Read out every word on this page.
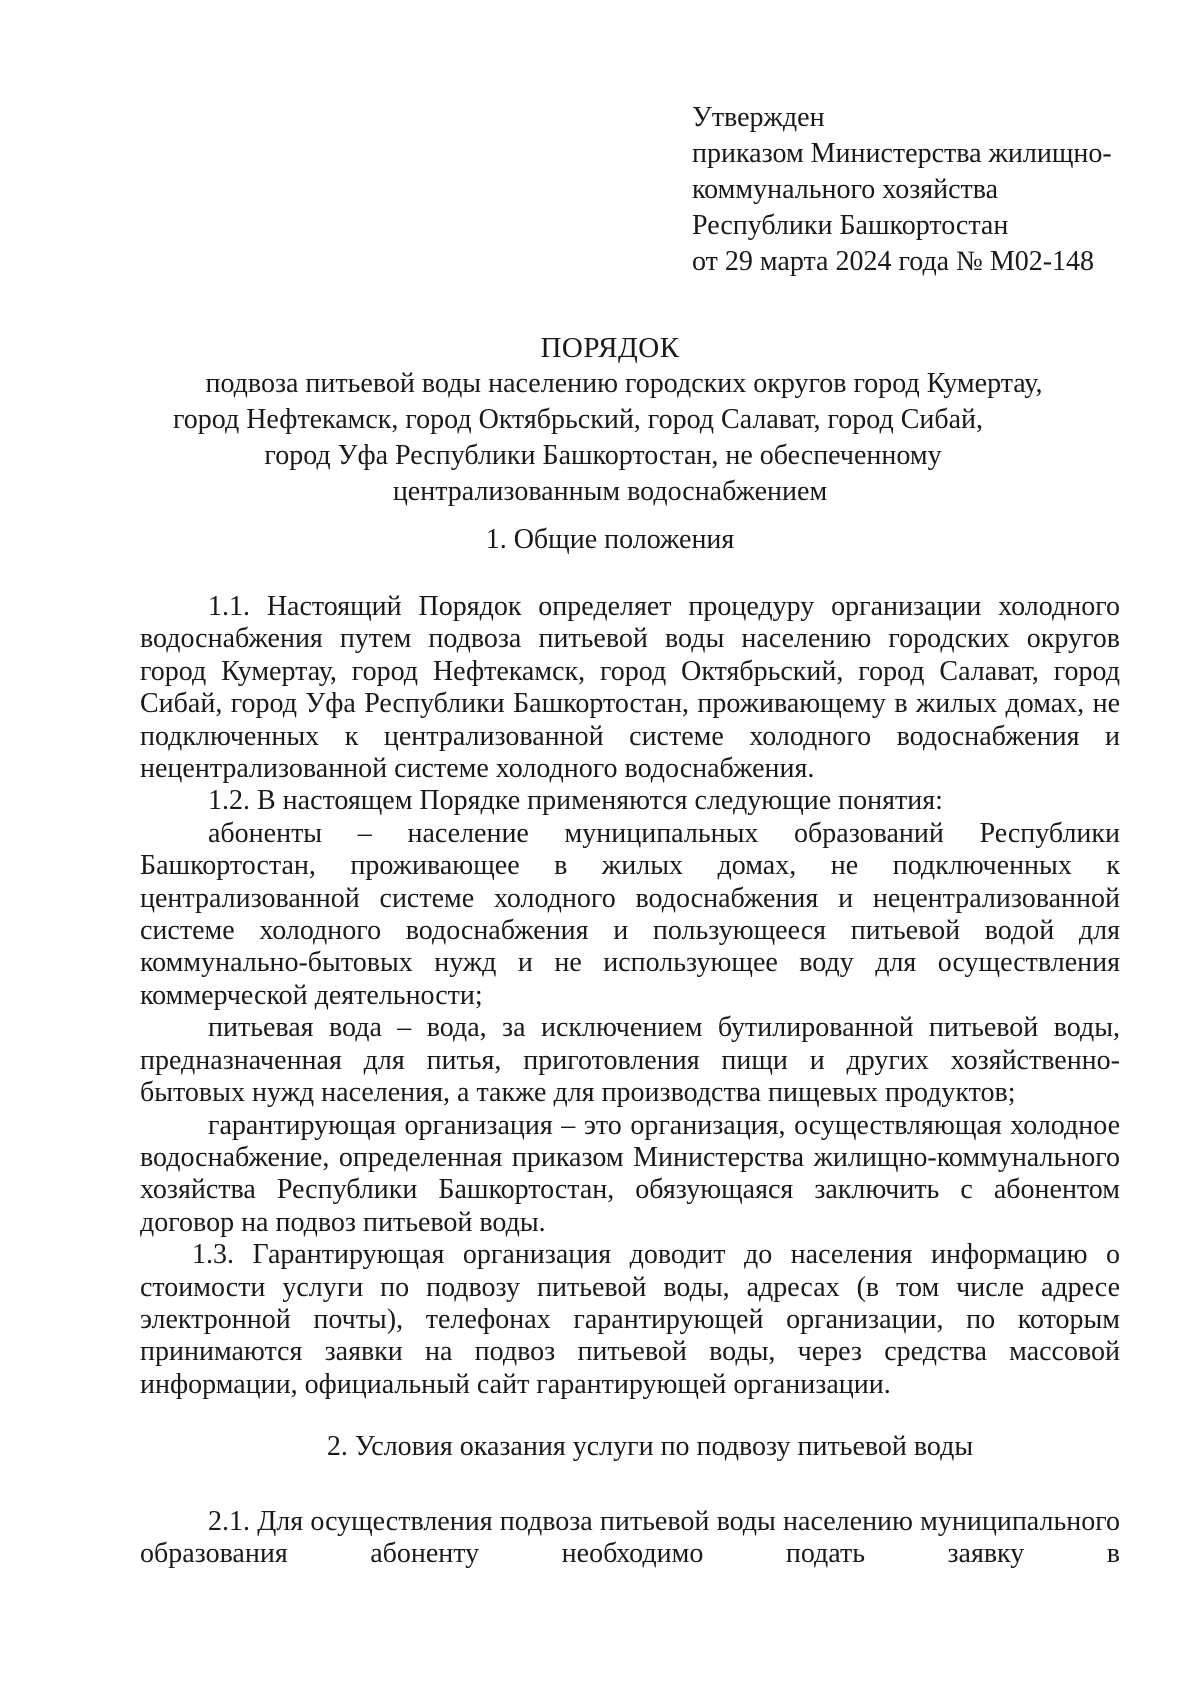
Утвержден
приказом Министерства жилищно-
коммунального хозяйства
Республики Башкортостан
от 29 марта 2024 года № М02-148
ПОРЯДОК
подвоза питьевой воды населению городских округов город Кумертау,
город Нефтекамск, город Октябрьский, город Салават, город Сибай,
город Уфа Республики Башкортостан, не обеспеченному
централизованным водоснабжением
1. Общие положения

1.1. Настоящий Порядок определяет процедуру организации холодного водоснабжения путем подвоза питьевой воды населению городских округов город Кумертау, город Нефтекамск, город Октябрьский, город Салават, город Сибай, город Уфа Республики Башкортостан, проживающему в жилых домах, не подключенных к централизованной системе холодного водоснабжения и нецентрализованной системе холодного водоснабжения.

1.2. В настоящем Порядке применяются следующие понятия:

абоненты – население муниципальных образований Республики Башкортостан, проживающее в жилых домах, не подключенных к централизованной системе холодного водоснабжения и нецентрализованной системе холодного водоснабжения и пользующееся питьевой водой для коммунально-бытовых нужд и не использующее воду для осуществления коммерческой деятельности;

питьевая вода – вода, за исключением бутилированной питьевой воды, предназначенная для питья, приготовления пищи и других хозяйственно-бытовых нужд населения, а также для производства пищевых продуктов;

гарантирующая организация – это организация, осуществляющая холодное водоснабжение, определенная приказом Министерства жилищно-коммунального хозяйства Республики Башкортостан, обязующаяся заключить с абонентом договор на подвоз питьевой воды.

1.3. Гарантирующая организация доводит до населения информацию о стоимости услуги по подвозу питьевой воды, адресах (в том числе адресе электронной почты), телефонах гарантирующей организации, по которым принимаются заявки на подвоз питьевой воды, через средства массовой информации, официальный сайт гарантирующей организации.

2. Условия оказания услуги по подвозу питьевой воды

2.1. Для осуществления подвоза питьевой воды населению муниципального образования абоненту необходимо подать заявку в
